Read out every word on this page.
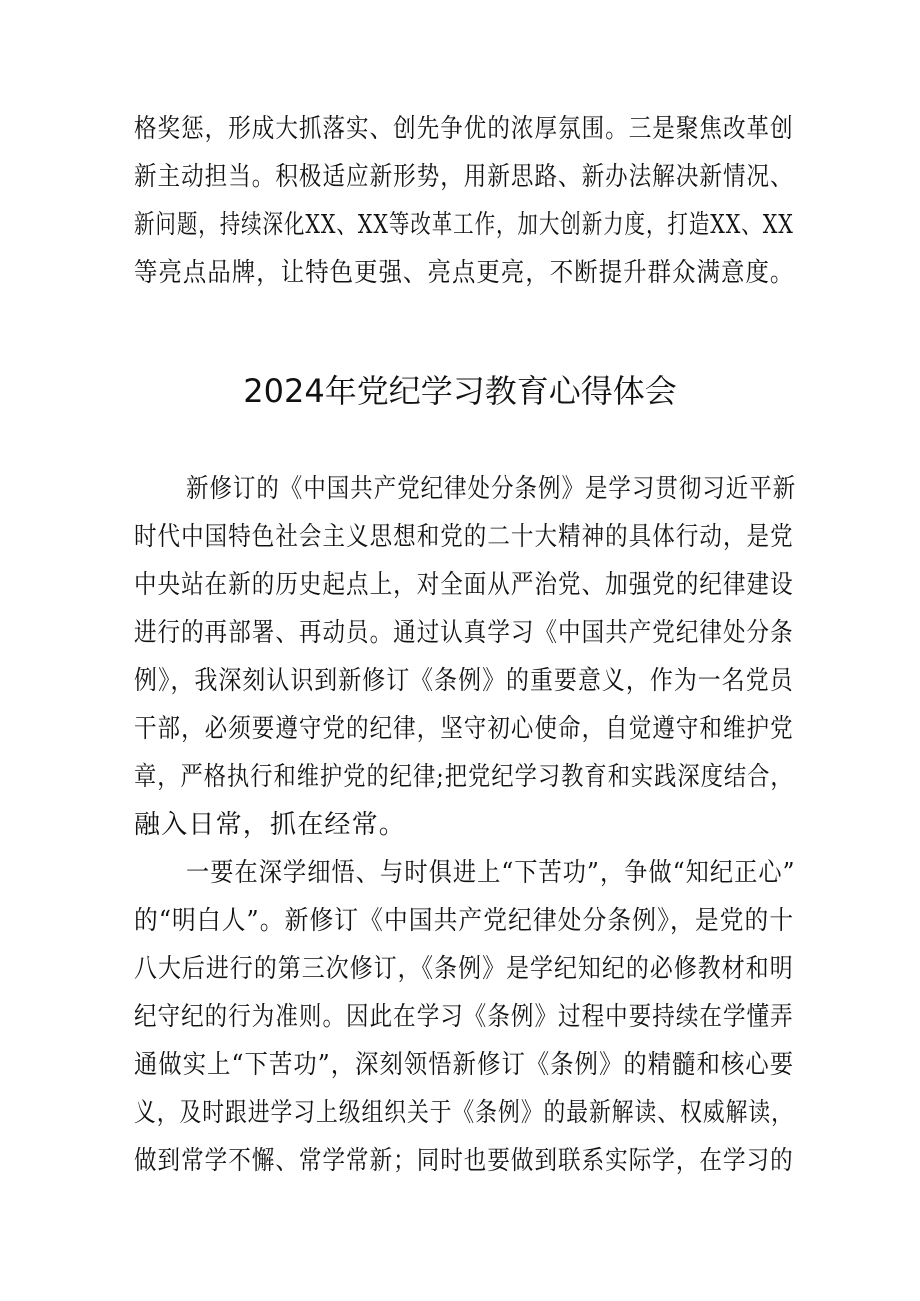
格奖惩，形成大抓落实、创先争优的浓厚氛围。三是聚焦改革创
新主动担当。积极适应新形势，用新思路、新办法解决新情况、
新问题，持续深化XX、XX等改革工作，加大创新力度，打造XX、XX
等亮点品牌，让特色更强、亮点更亮，不断提升群众满意度。
2024年党纪学习教育心得体会
新修订的《中国共产党纪律处分条例》是学习贯彻习近平新
时代中国特色社会主义思想和党的二十大精神的具体行动，是党
中央站在新的历史起点上，对全面从严治党、加强党的纪律建设
进行的再部署、再动员。通过认真学习《中国共产党纪律处分条
例》，我深刻认识到新修订《条例》的重要意义，作为一名党员
干部，必须要遵守党的纪律，坚守初心使命，自觉遵守和维护党
章，严格执行和维护党的纪律;把党纪学习教育和实践深度结合，
融入日常，抓在经常。
一要在深学细悟、与时俱进上“下苦功”，争做“知纪正心”
的“明白人”。新修订《中国共产党纪律处分条例》，是党的十
八大后进行的第三次修订，《条例》是学纪知纪的必修教材和明
纪守纪的行为准则。因此在学习《条例》过程中要持续在学懂弄
通做实上“下苦功”，深刻领悟新修订《条例》的精髓和核心要
义，及时跟进学习上级组织关于《条例》的最新解读、权威解读，
做到常学不懈、常学常新；同时也要做到联系实际学，在学习的
